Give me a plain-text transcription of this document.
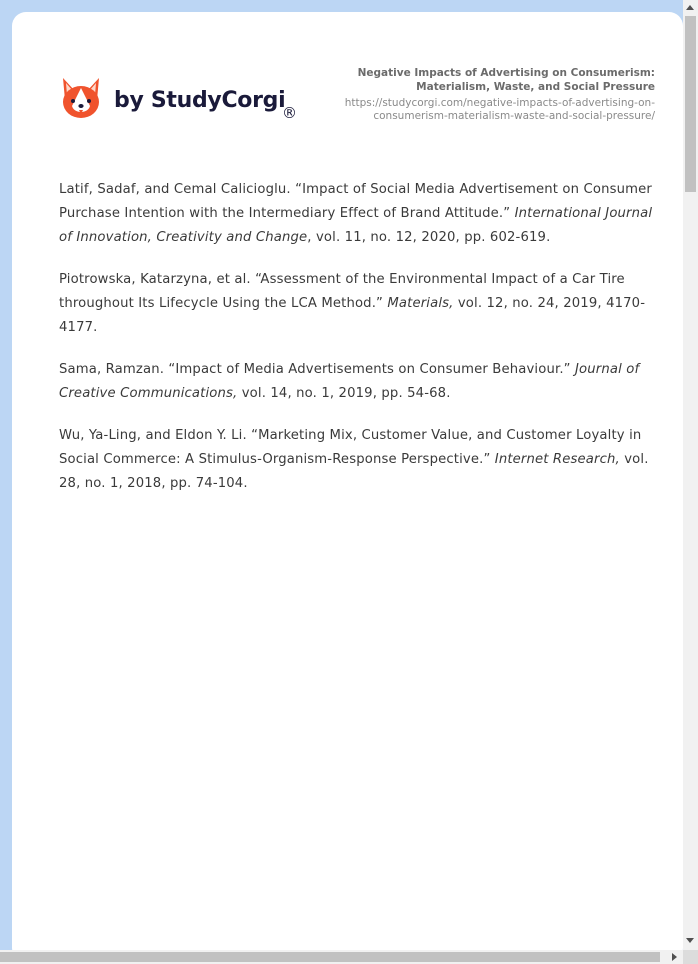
by StudyCorgi
®
Negative Impacts of Advertising on Consumerism:
Materialism, Waste, and Social Pressure
https://studycorgi.com/negative-impacts-of-advertising-on-
consumerism-materialism-waste-and-social-pressure/

Latif, Sadaf, and Cemal Calicioglu. “Impact of Social Media Advertisement on Consumer Purchase Intention with the Intermediary Effect of Brand Attitude.” International Journal of Innovation, Creativity and Change, vol. 11, no. 12, 2020, pp. 602-619.

Piotrowska, Katarzyna, et al. “Assessment of the Environmental Impact of a Car Tire throughout Its Lifecycle Using the LCA Method.” Materials, vol. 12, no. 24, 2019, 4170-4177.

Sama, Ramzan. “Impact of Media Advertisements on Consumer Behaviour.” Journal of Creative Communications, vol. 14, no. 1, 2019, pp. 54-68.

Wu, Ya-Ling, and Eldon Y. Li. “Marketing Mix, Customer Value, and Customer Loyalty in Social Commerce: A Stimulus-Organism-Response Perspective.” Internet Research, vol. 28, no. 1, 2018, pp. 74-104.
